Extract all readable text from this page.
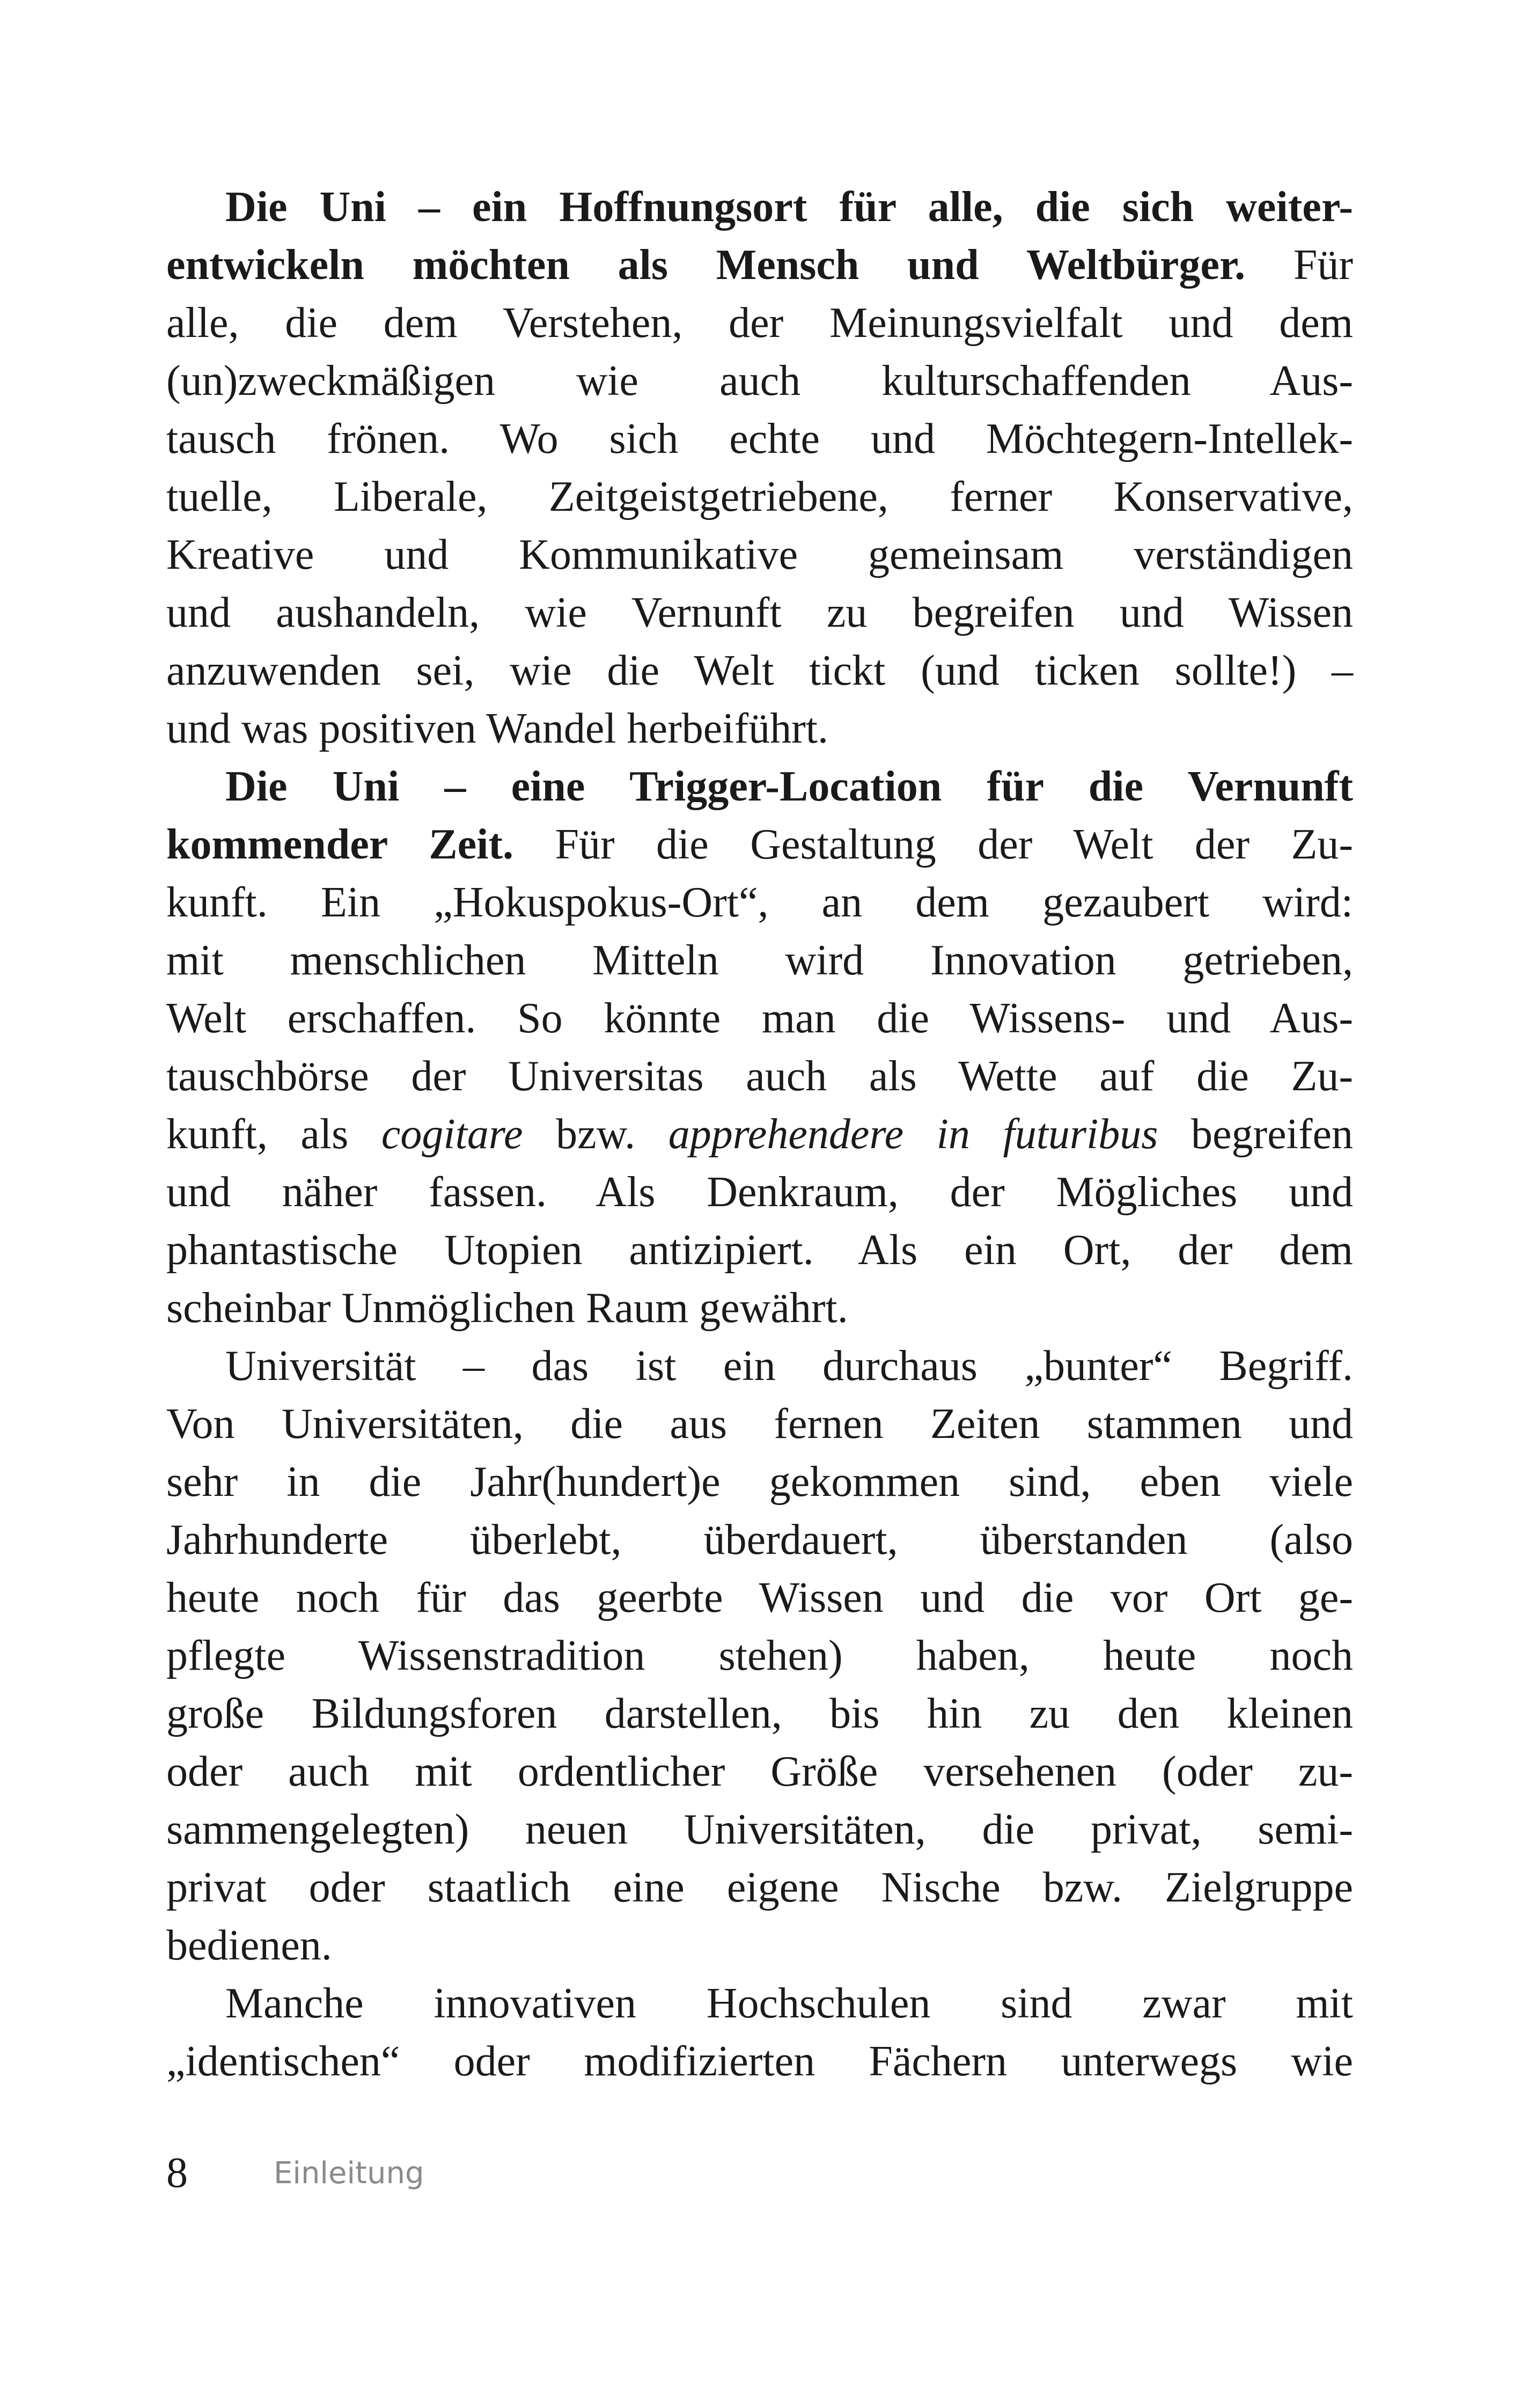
Die Uni – ein Hoffnungsort für alle, die sich weiter-
entwickeln möchten als Mensch und Weltbürger. Für
alle, die dem Verstehen, der Meinungsvielfalt und dem
(un)zweckmäßigen wie auch kulturschaffenden Aus-
tausch frönen. Wo sich echte und Möchtegern-Intellek-
tuelle, Liberale, Zeitgeistgetriebene, ferner Konservative,
Kreative und Kommunikative gemeinsam verständigen
und aushandeln, wie Vernunft zu begreifen und Wissen
anzuwenden sei, wie die Welt tickt (und ticken sollte!) –
und was positiven Wandel herbeiführt.
Die Uni – eine Trigger-Location für die Vernunft
kommender Zeit. Für die Gestaltung der Welt der Zu-
kunft. Ein „Hokuspokus-Ort“, an dem gezaubert wird:
mit menschlichen Mitteln wird Innovation getrieben,
Welt erschaffen. So könnte man die Wissens- und Aus-
tauschbörse der Universitas auch als Wette auf die Zu-
kunft, als cogitare bzw. apprehendere in futuribus begreifen
und näher fassen. Als Denkraum, der Mögliches und
phantastische Utopien antizipiert. Als ein Ort, der dem
scheinbar Unmöglichen Raum gewährt.
Universität – das ist ein durchaus „bunter“ Begriff.
Von Universitäten, die aus fernen Zeiten stammen und
sehr in die Jahr(hundert)e gekommen sind, eben viele
Jahrhunderte überlebt, überdauert, überstanden (also
heute noch für das geerbte Wissen und die vor Ort ge-
pflegte Wissenstradition stehen) haben, heute noch
große Bildungsforen darstellen, bis hin zu den kleinen
oder auch mit ordentlicher Größe versehenen (oder zu-
sammengelegten) neuen Universitäten, die privat, semi-
privat oder staatlich eine eigene Nische bzw. Zielgruppe
bedienen.
Manche innovativen Hochschulen sind zwar mit
„identischen“ oder modifizierten Fächern unterwegs wie
8	Einleitung
